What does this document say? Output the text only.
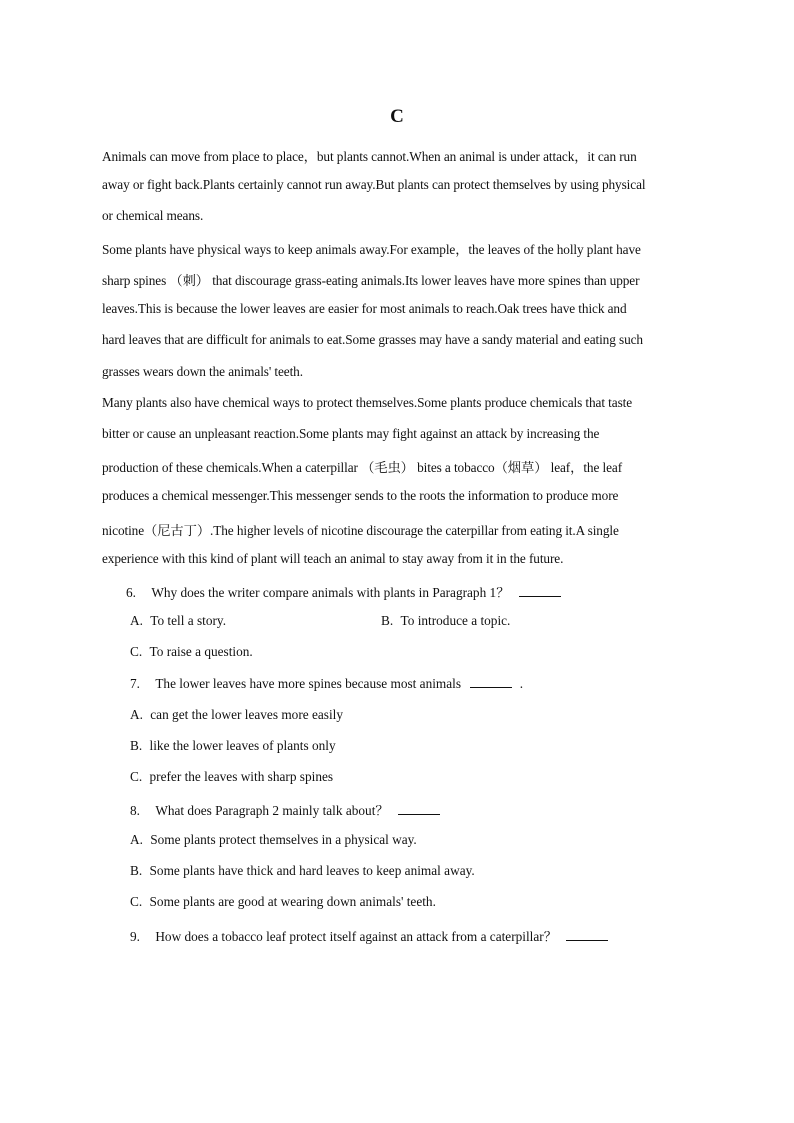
C
Animals can move from place to place，but plants cannot.When an animal is under attack，it can run
away or fight back.Plants certainly cannot run away.But plants can protect themselves by using physical
or chemical means.
Some plants have physical ways to keep animals away.For example，the leaves of the holly plant have
sharp spines （刺） that discourage grass-eating animals.Its lower leaves have more spines than upper
leaves.This is because the lower leaves are easier for most animals to reach.Oak trees have thick and
hard leaves that are difficult for animals to eat.Some grasses may have a sandy material and eating such
grasses wears down the animals' teeth.
Many plants also have chemical ways to protect themselves.Some plants produce chemicals that taste
bitter or cause an unpleasant reaction.Some plants may fight against an attack by increasing the
production of these chemicals.When a caterpillar （毛虫） bites a tobacco（烟草） leaf，the leaf
produces a chemical messenger.This messenger sends to the roots the information to produce more
nicotine（尼古丁）.The higher levels of nicotine discourage the caterpillar from eating it.A single
experience with this kind of plant will teach an animal to stay away from it in the future.
6. Why does the writer compare animals with plants in Paragraph 1？
A. To tell a story.	B. To introduce a topic.
C. To raise a question.
7. The lower leaves have more spines because most animals	.
A. can get the lower leaves more easily
B. like the lower leaves of plants only
C. prefer the leaves with sharp spines
8. What does Paragraph 2 mainly talk about？
A. Some plants protect themselves in a physical way.
B. Some plants have thick and hard leaves to keep animal away.
C. Some plants are good at wearing down animals' teeth.
9. How does a tobacco leaf protect itself against an attack from a caterpillar？
